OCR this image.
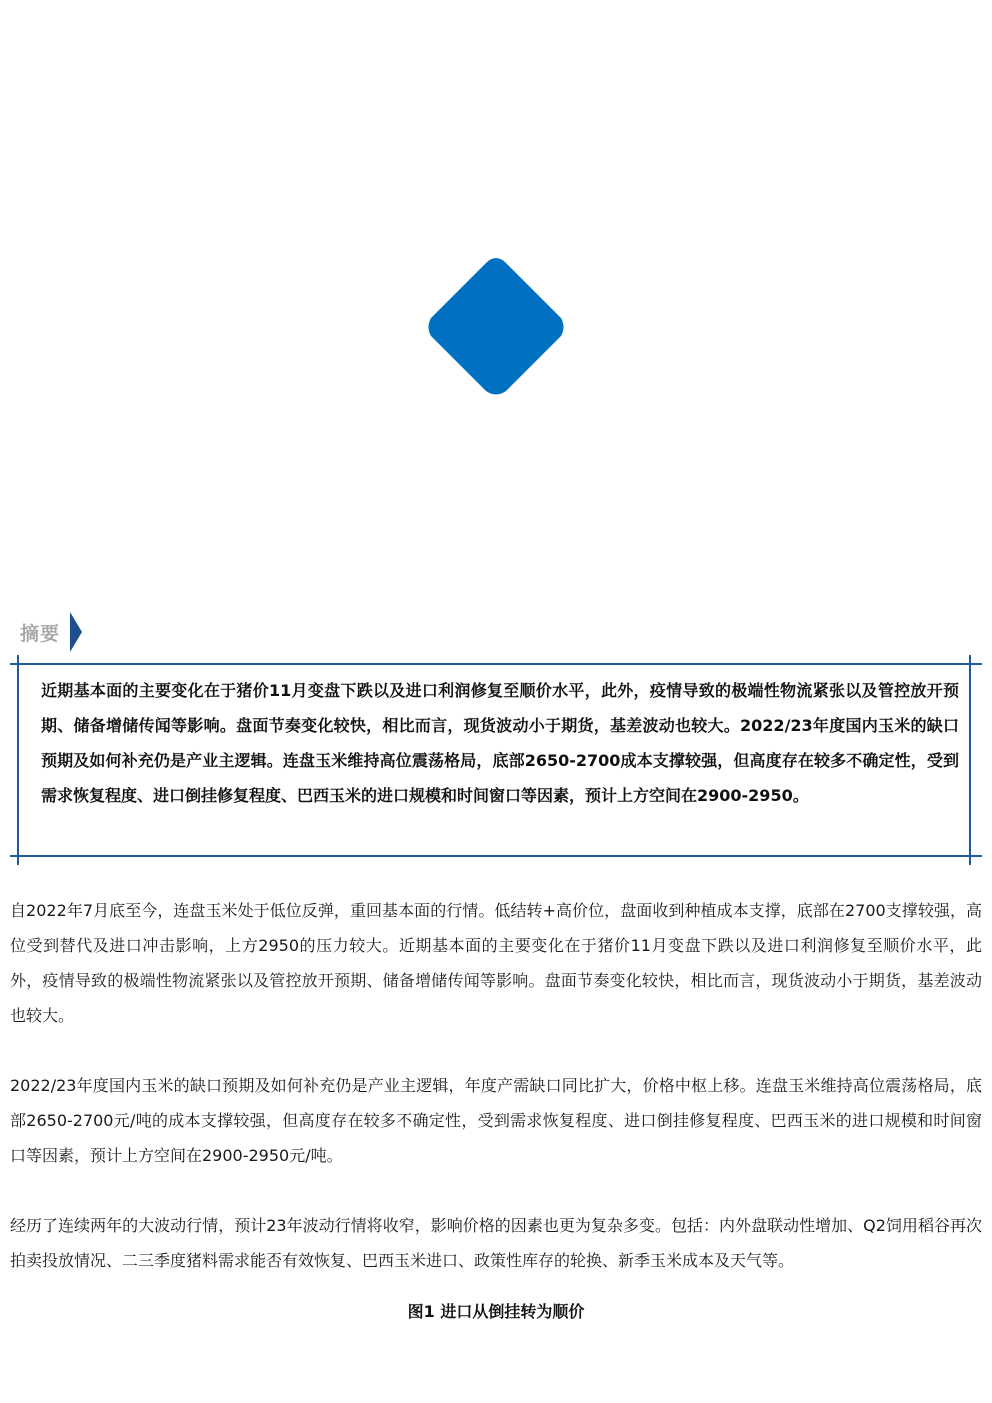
摘要

近期基本面的主要变化在于猪价11月变盘下跌以及进口利润修复至顺价水平，此外，疫情导致的极端性物流紧张以及管控放开预期、储备增储传闻等影响。盘面节奏变化较快，相比而言，现货波动小于期货，基差波动也较大。2022/23年度国内玉米的缺口预期及如何补充仍是产业主逻辑。连盘玉米维持高位震荡格局，底部2650-2700成本支撑较强，但高度存在较多不确定性，受到需求恢复程度、进口倒挂修复程度、巴西玉米的进口规模和时间窗口等因素，预计上方空间在2900-2950。

自2022年7月底至今，连盘玉米处于低位反弹，重回基本面的行情。低结转+高价位，盘面收到种植成本支撑，底部在2700支撑较强，高位受到替代及进口冲击影响，上方2950的压力较大。近期基本面的主要变化在于猪价11月变盘下跌以及进口利润修复至顺价水平，此外，疫情导致的极端性物流紧张以及管控放开预期、储备增储传闻等影响。盘面节奏变化较快，相比而言，现货波动小于期货，基差波动也较大。

2022/23年度国内玉米的缺口预期及如何补充仍是产业主逻辑，年度产需缺口同比扩大，价格中枢上移。连盘玉米维持高位震荡格局，底部2650-2700元/吨的成本支撑较强，但高度存在较多不确定性，受到需求恢复程度、进口倒挂修复程度、巴西玉米的进口规模和时间窗口等因素，预计上方空间在2900-2950元/吨。

经历了连续两年的大波动行情，预计23年波动行情将收窄，影响价格的因素也更为复杂多变。包括：内外盘联动性增加、Q2饲用稻谷再次拍卖投放情况、二三季度猪料需求能否有效恢复、巴西玉米进口、政策性库存的轮换、新季玉米成本及天气等。

图1 进口从倒挂转为顺价
